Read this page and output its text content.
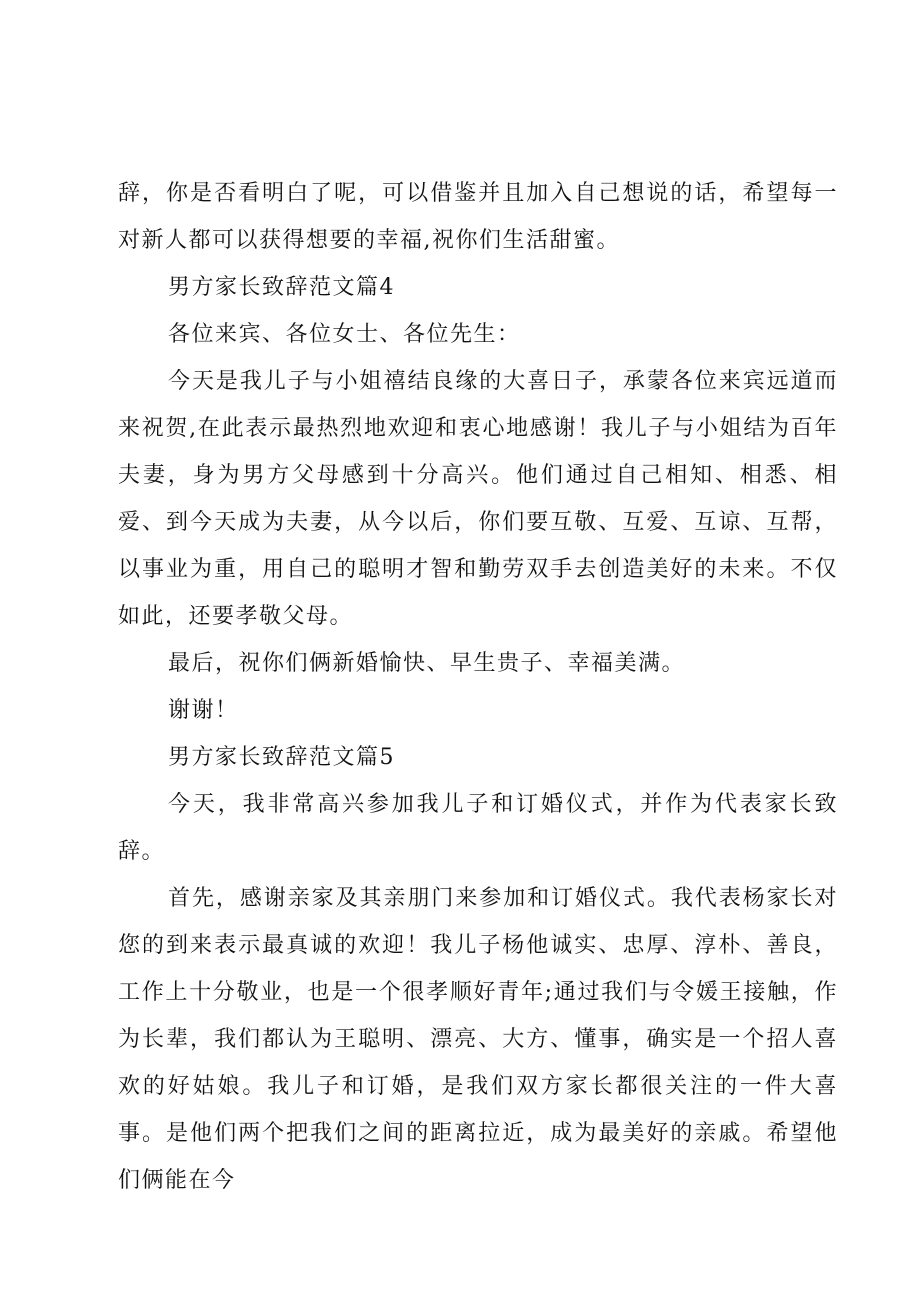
辞，你是否看明白了呢，可以借鉴并且加入自己想说的话，希望每一对新人都可以获得想要的幸福,祝你们生活甜蜜。

男方家长致辞范文篇4

各位来宾、各位女士、各位先生：

今天是我儿子与小姐禧结良缘的大喜日子，承蒙各位来宾远道而来祝贺,在此表示最热烈地欢迎和衷心地感谢！我儿子与小姐结为百年夫妻，身为男方父母感到十分高兴。他们通过自己相知、相悉、相爱、到今天成为夫妻，从今以后，你们要互敬、互爱、互谅、互帮，以事业为重，用自己的聪明才智和勤劳双手去创造美好的未来。不仅如此，还要孝敬父母。

最后，祝你们俩新婚愉快、早生贵子、幸福美满。

谢谢！

男方家长致辞范文篇5

今天，我非常高兴参加我儿子和订婚仪式，并作为代表家长致辞。

首先，感谢亲家及其亲朋门来参加和订婚仪式。我代表杨家长对您的到来表示最真诚的欢迎！我儿子杨他诚实、忠厚、淳朴、善良，工作上十分敬业，也是一个很孝顺好青年;通过我们与令媛王接触，作为长辈，我们都认为王聪明、漂亮、大方、懂事，确实是一个招人喜欢的好姑娘。我儿子和订婚，是我们双方家长都很关注的一件大喜事。是他们两个把我们之间的距离拉近，成为最美好的亲戚。希望他们俩能在今
